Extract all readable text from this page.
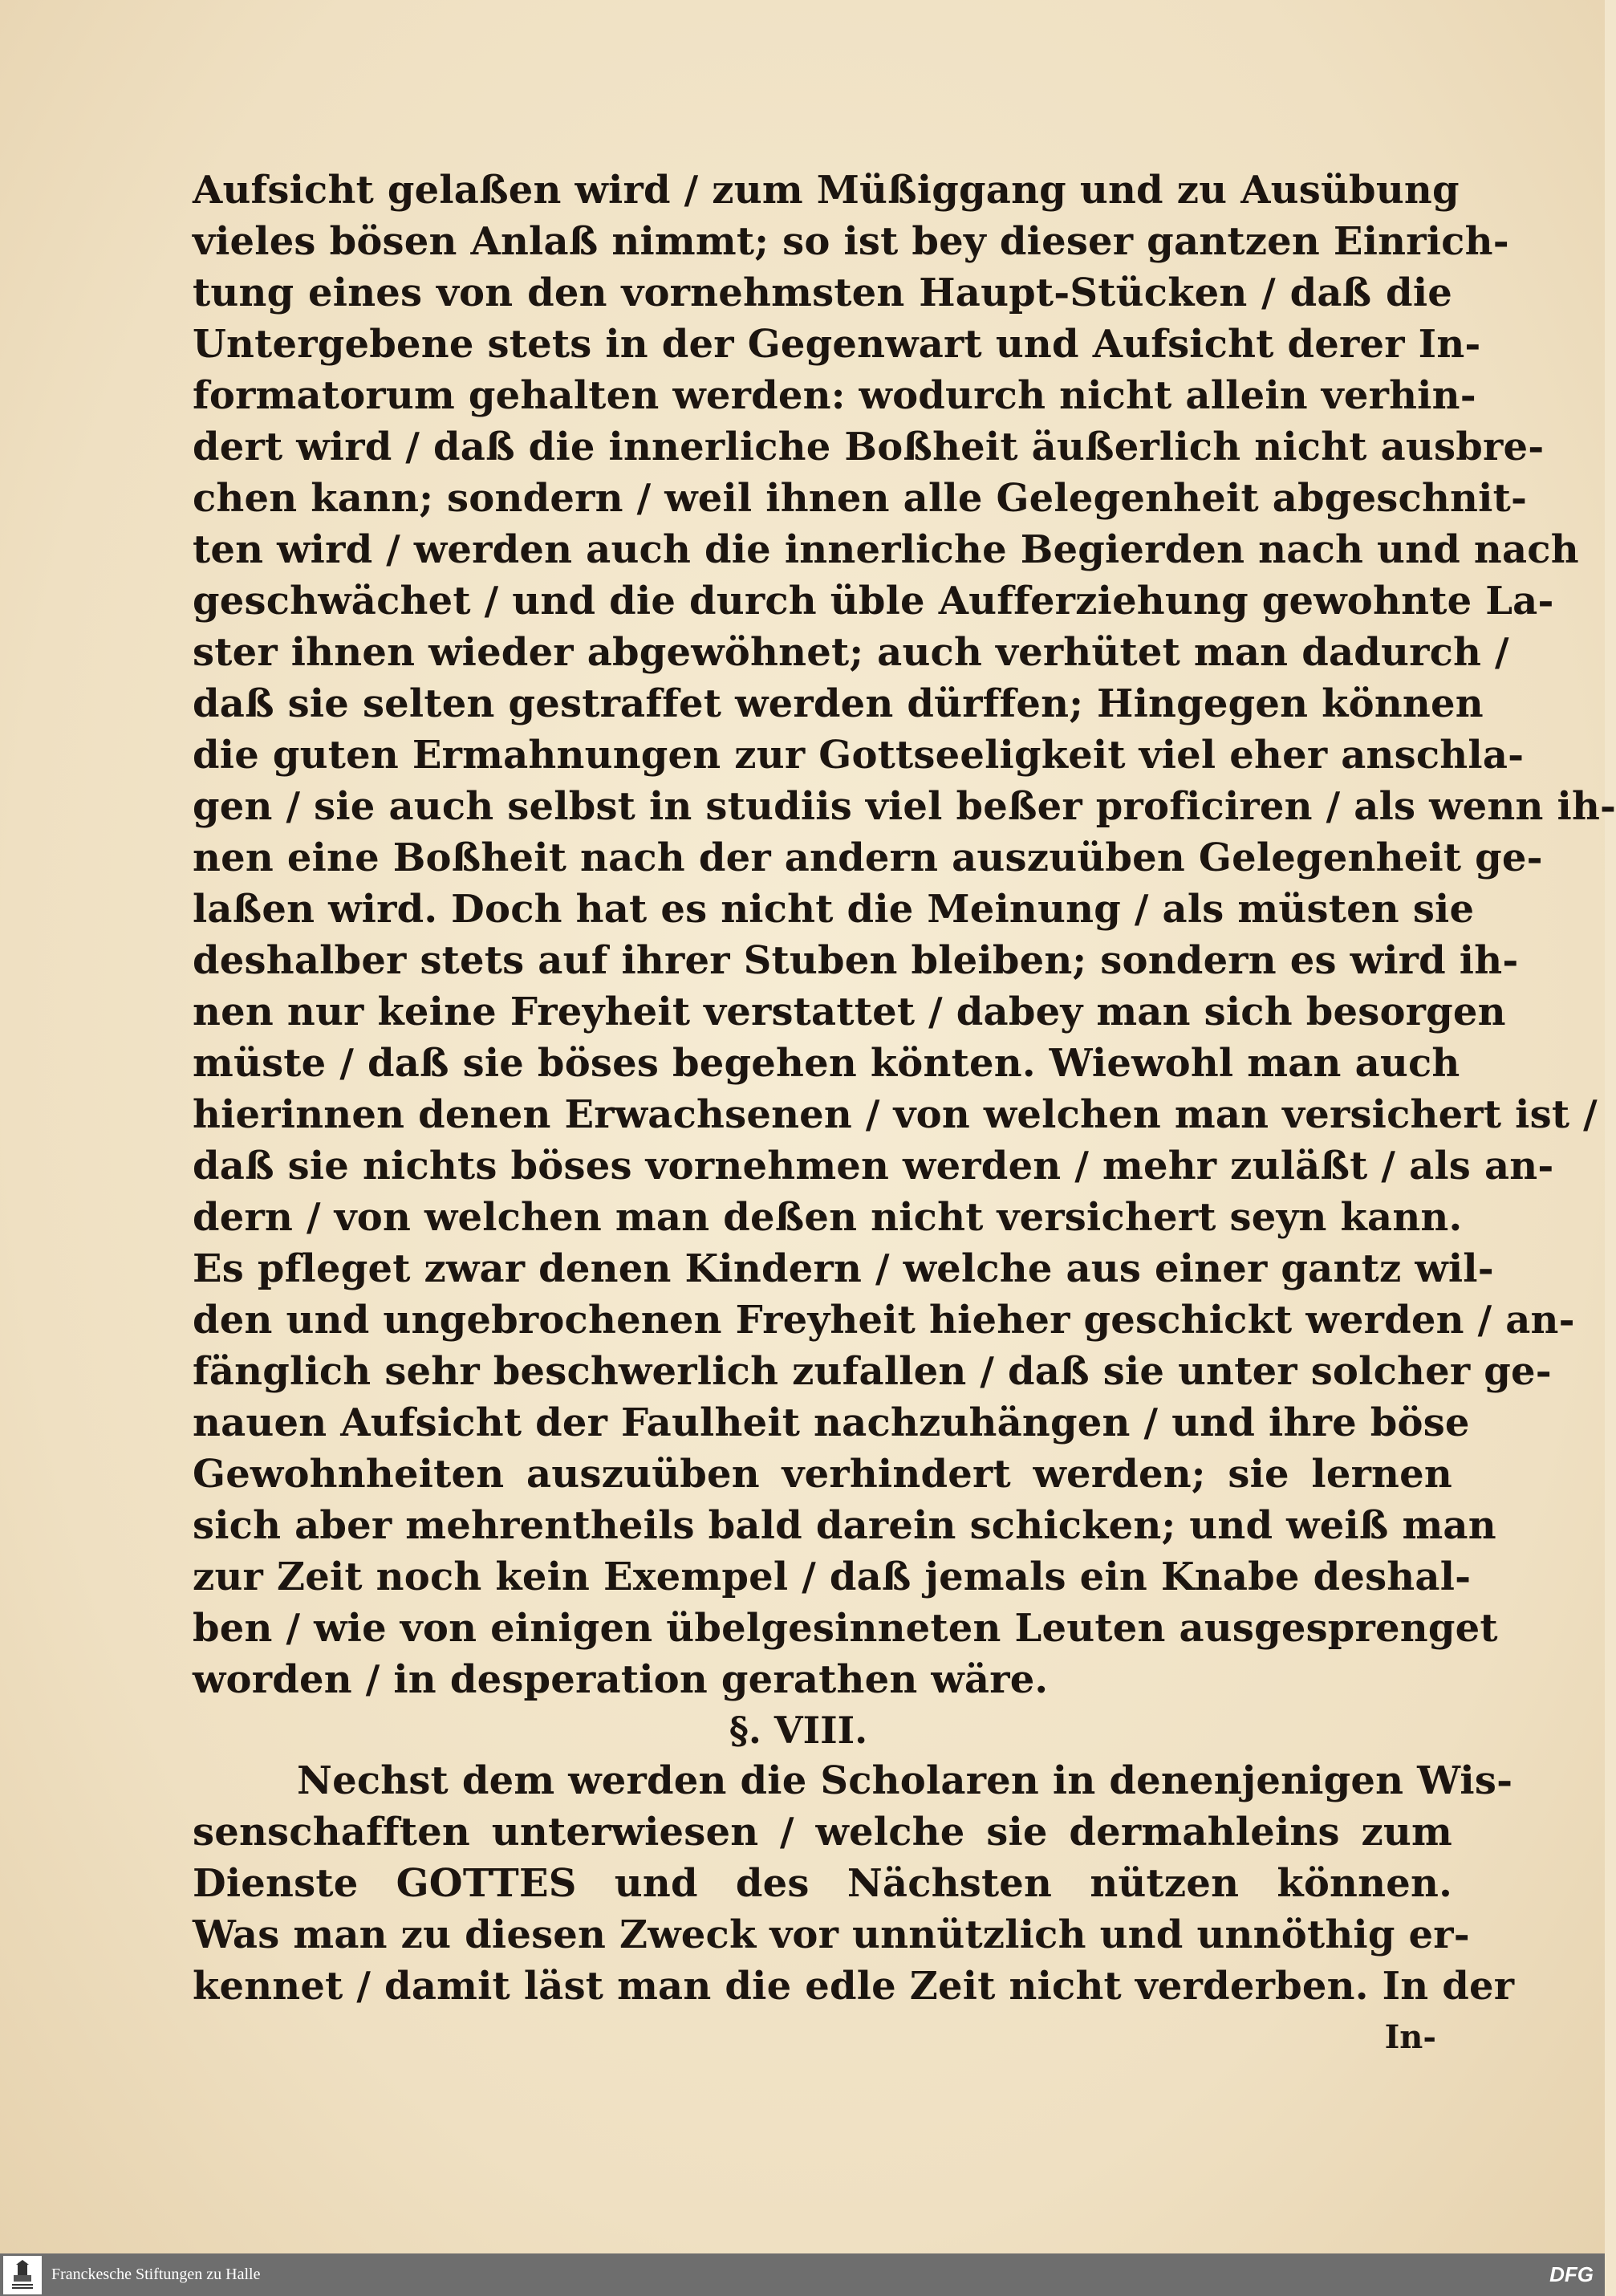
Aufsicht gelaßen wird / zum Müßiggang und zu Ausübung
vieles bösen Anlaß nimmt; so ist bey dieser gantzen Einrich-
tung eines von den vornehmsten Haupt-Stücken / daß die
Untergebene stets in der Gegenwart und Aufsicht derer In-
formatorum gehalten werden: wodurch nicht allein verhin-
dert wird / daß die innerliche Boßheit äußerlich nicht ausbre-
chen kann; sondern / weil ihnen alle Gelegenheit abgeschnit-
ten wird / werden auch die innerliche Begierden nach und nach
geschwächet / und die durch üble Aufferziehung gewohnte La-
ster ihnen wieder abgewöhnet; auch verhütet man dadurch /
daß sie selten gestraffet werden dürffen; Hingegen können
die guten Ermahnungen zur Gottseeligkeit viel eher anschla-
gen / sie auch selbst in studiis viel beßer proficiren / als wenn ih-
nen eine Boßheit nach der andern auszuüben Gelegenheit ge-
laßen wird. Doch hat es nicht die Meinung / als müsten sie
deshalber stets auf ihrer Stuben bleiben; sondern es wird ih-
nen nur keine Freyheit verstattet / dabey man sich besorgen
müste / daß sie böses begehen könten. Wiewohl man auch
hierinnen denen Erwachsenen / von welchen man versichert ist /
daß sie nichts böses vornehmen werden / mehr zuläßt / als an-
dern / von welchen man deßen nicht versichert seyn kann.
Es pfleget zwar denen Kindern / welche aus einer gantz wil-
den und ungebrochenen Freyheit hieher geschickt werden / an-
fänglich sehr beschwerlich zufallen / daß sie unter solcher ge-
nauen Aufsicht der Faulheit nachzuhängen / und ihre böse
Gewohnheiten auszuüben verhindert werden; sie lernen
sich aber mehrentheils bald darein schicken; und weiß man
zur Zeit noch kein Exempel / daß jemals ein Knabe deshal-
ben / wie von einigen übelgesinneten Leuten ausgesprenget
worden / in desperation gerathen wäre.
§. VIII.
Nechst dem werden die Scholaren in denenjenigen Wis-
senschafften unterwiesen / welche sie dermahleins zum
Dienste GOTTES und des Nächsten nützen können.
Was man zu diesen Zweck vor unnützlich und unnöthig er-
kennet / damit läst man die edle Zeit nicht verderben. In der
In-
Franckesche Stiftungen zu Halle	DFG
